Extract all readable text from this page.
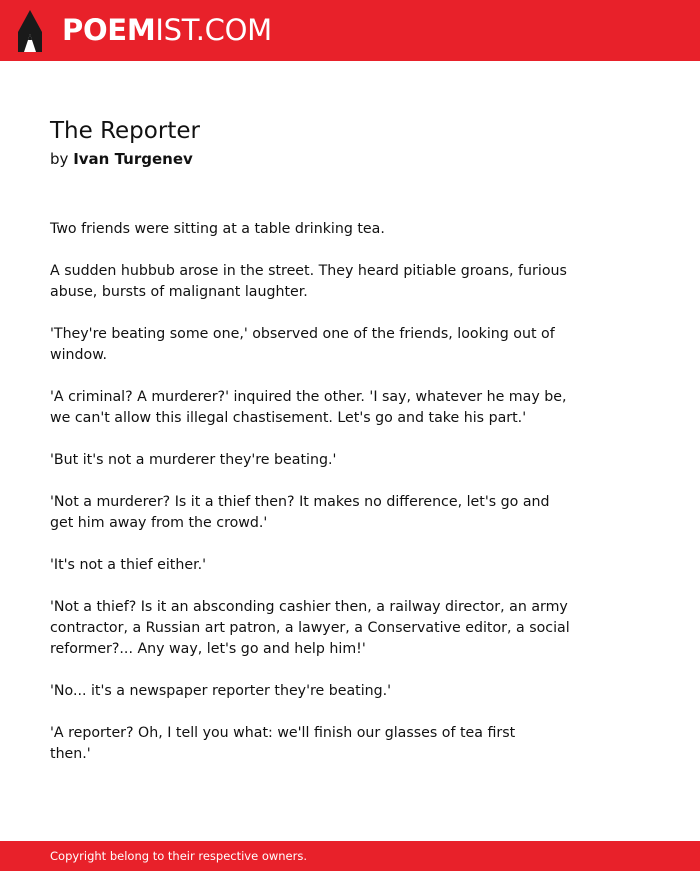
POEMIST.COM
The Reporter
by Ivan Turgenev

Two friends were sitting at a table drinking tea.

A sudden hubbub arose in the street. They heard pitiable groans, furious
abuse, bursts of malignant laughter.

'They're beating some one,' observed one of the friends, looking out of
window.

'A criminal? A murderer?' inquired the other. 'I say, whatever he may be,
we can't allow this illegal chastisement. Let's go and take his part.'

'But it's not a murderer they're beating.'

'Not a murderer? Is it a thief then? It makes no difference, let's go and
get him away from the crowd.'

'It's not a thief either.'

'Not a thief? Is it an absconding cashier then, a railway director, an army
contractor, a Russian art patron, a lawyer, a Conservative editor, a social
reformer?... Any way, let's go and help him!'

'No... it's a newspaper reporter they're beating.'

'A reporter? Oh, I tell you what: we'll finish our glasses of tea first
then.'

Copyright belong to their respective owners.
